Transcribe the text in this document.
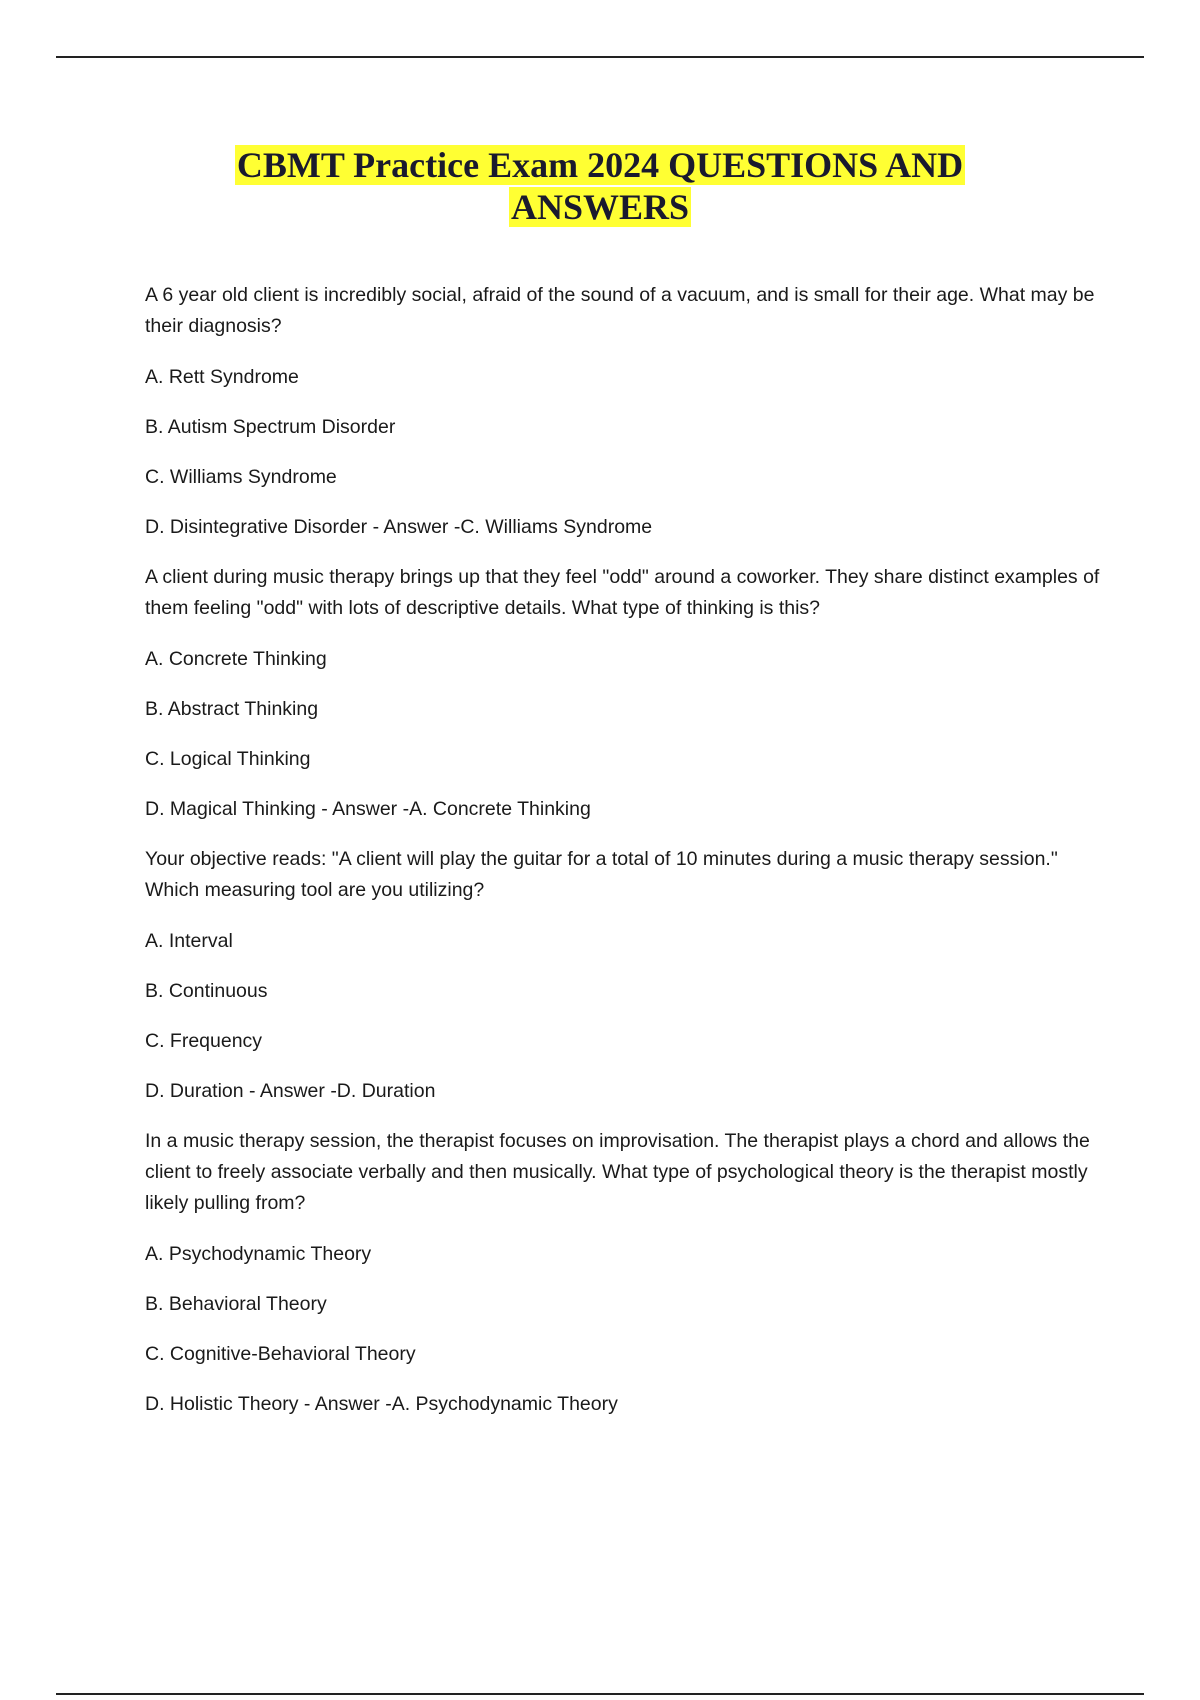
CBMT Practice Exam 2024 QUESTIONS AND
ANSWERS

A 6 year old client is incredibly social, afraid of the sound of a vacuum, and is small for their age. What may be their diagnosis?

A. Rett Syndrome

B. Autism Spectrum Disorder

C. Williams Syndrome

D. Disintegrative Disorder - Answer -C. Williams Syndrome

A client during music therapy brings up that they feel "odd" around a coworker. They share distinct examples of them feeling "odd" with lots of descriptive details. What type of thinking is this?

A. Concrete Thinking

B. Abstract Thinking

C. Logical Thinking

D. Magical Thinking - Answer -A. Concrete Thinking

Your objective reads: "A client will play the guitar for a total of 10 minutes during a music therapy session." Which measuring tool are you utilizing?

A. Interval

B. Continuous

C. Frequency

D. Duration - Answer -D. Duration

In a music therapy session, the therapist focuses on improvisation. The therapist plays a chord and allows the client to freely associate verbally and then musically. What type of psychological theory is the therapist mostly likely pulling from?

A. Psychodynamic Theory

B. Behavioral Theory

C. Cognitive-Behavioral Theory

D. Holistic Theory - Answer -A. Psychodynamic Theory
